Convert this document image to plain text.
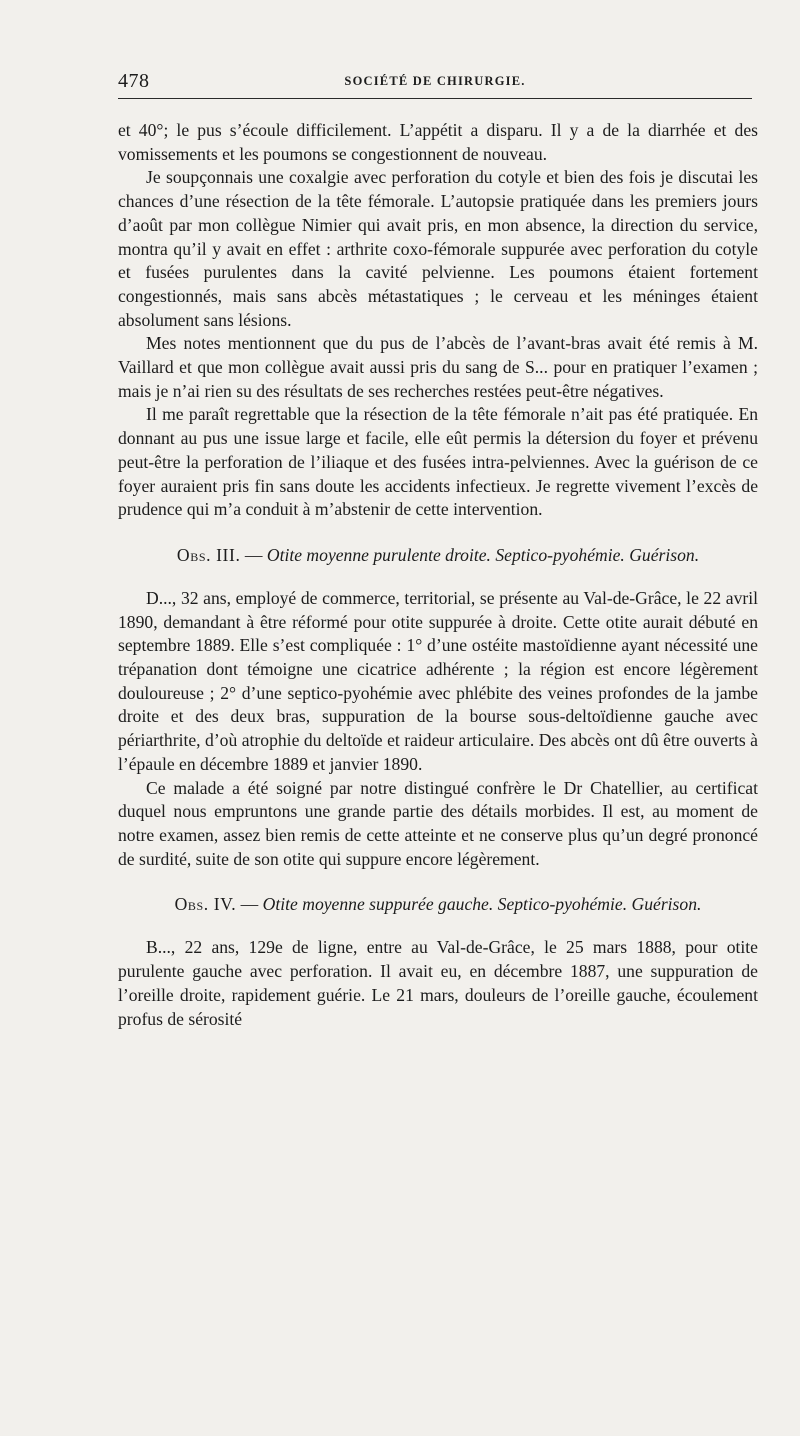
478	SOCIÉTÉ DE CHIRURGIE.

et 40°; le pus s’écoule difficilement. L’appétit a disparu. Il y a de la diarrhée et des vomissements et les poumons se congestionnent de nouveau.

Je soupçonnais une coxalgie avec perforation du cotyle et bien des fois je discutai les chances d’une résection de la tête fémorale. L’autopsie pratiquée dans les premiers jours d’août par mon collègue Nimier qui avait pris, en mon absence, la direction du service, montra qu’il y avait en effet : arthrite coxo-fémorale suppurée avec perforation du cotyle et fusées purulentes dans la cavité pelvienne. Les poumons étaient fortement congestionnés, mais sans abcès métastatiques ; le cerveau et les méninges étaient absolument sans lésions.

Mes notes mentionnent que du pus de l’abcès de l’avant-bras avait été remis à M. Vaillard et que mon collègue avait aussi pris du sang de S... pour en pratiquer l’examen ; mais je n’ai rien su des résultats de ses recherches restées peut-être négatives.

Il me paraît regrettable que la résection de la tête fémorale n’ait pas été pratiquée. En donnant au pus une issue large et facile, elle eût permis la détersion du foyer et prévenu peut-être la perforation de l’iliaque et des fusées intra-pelviennes. Avec la guérison de ce foyer auraient pris fin sans doute les accidents infectieux. Je regrette vivement l’excès de prudence qui m’a conduit à m’abstenir de cette intervention.

Obs. III. — Otite moyenne purulente droite. Septico-pyohémie. Guérison.

D..., 32 ans, employé de commerce, territorial, se présente au Val-de-Grâce, le 22 avril 1890, demandant à être réformé pour otite suppurée à droite. Cette otite aurait débuté en septembre 1889. Elle s’est compliquée : 1° d’une ostéite mastoïdienne ayant nécessité une trépanation dont témoigne une cicatrice adhérente ; la région est encore légèrement douloureuse ; 2° d’une septico-pyohémie avec phlébite des veines profondes de la jambe droite et des deux bras, suppuration de la bourse sous-deltoïdienne gauche avec périarthrite, d’où atrophie du deltoïde et raideur articulaire. Des abcès ont dû être ouverts à l’épaule en décembre 1889 et janvier 1890.

Ce malade a été soigné par notre distingué confrère le Dr Chatellier, au certificat duquel nous empruntons une grande partie des détails morbides. Il est, au moment de notre examen, assez bien remis de cette atteinte et ne conserve plus qu’un degré prononcé de surdité, suite de son otite qui suppure encore légèrement.

Obs. IV. — Otite moyenne suppurée gauche. Septico-pyohémie. Guérison.

B..., 22 ans, 129e de ligne, entre au Val-de-Grâce, le 25 mars 1888, pour otite purulente gauche avec perforation. Il avait eu, en décembre 1887, une suppuration de l’oreille droite, rapidement guérie. Le 21 mars, douleurs de l’oreille gauche, écoulement profus de sérosité
